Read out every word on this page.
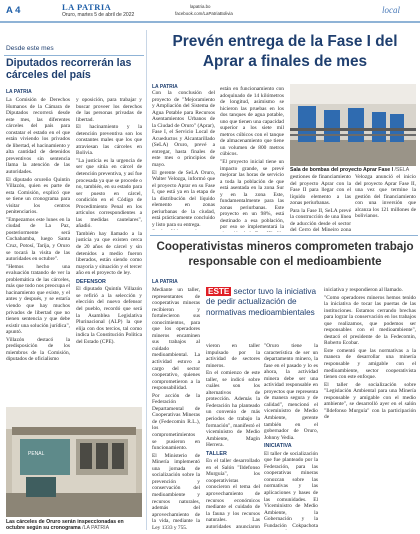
A 4	LA PATRIA
Oruro, martes 5 de abril de 2022
lapatria.bo
facebook.com/LaPatriaBolivia	local
Desde este mes
Diputados recorrerán las cárceles del país
LA PATRIA

La Comisión de Derechos Humanos de la Cámara de Diputados recorrerá desde este mes, las diferentes cárceles del país para constatar el estado en el que están viviendo los privados de libertad, el hacinamiento y alta cantidad de detenidos preventivos sin sentencia llama la atención de las autoridades.

El diputado orureño Quintín Villazón, quien es parte de esta Comisión, explicó que se tiene un cronograma para visitar los centros penitenciarios.

"Empezamos este lunes en la ciudad de La Paz, posteriormente será Cochabamba, luego Santa Cruz, Potosí, Tarija, y Oruro se tocará la visita de las autoridades en octubre".

"Hemos hecho una evaluación tratando de ver la problemática de las cárceles, más que todo nos preocupa el hacinamiento que existe, y el antes y después, y se estaría viendo que hay muchos privados de libertad que no tienen sentencia y que debe existir una solución jurídica", apuntó.

Villazón destacó la predisposición de los miembros de la Comisión, diputados de oficialismo

y oposición, para trabajar y buscar proveer los derechos de las personas privadas de libertad.

El hacinamiento y la detención preventiva son los constantes males que los que atraviesan las cárceles en Bolivia.

"La justicia es la urgencia de ser que sitúa en cárcel de detención preventiva, y así fue procesada ya que se procede o no, también, en su estado para ser puesto en cárcel, condición en el Código de Procedimiento Penal en los artículos correspondientes a las medidas cautelares", añadió.

También hay llamado a la justicia ya que existen cerca de 20 años de cárcel y sin detenidos a medio fueron liberados, están siendo como mayoría y situación y el tercer año en el proyecto de ley.

DEFENSOR

El diputado Quintín Villazón se refirió a la selección y elección del nuevo defensor del pueblo, recordó que será la Asamblea Legislativa Plurinacional (ALP) la que elija con dos tercios, tal como indica la Constitución Política del Estado (CPE).

PENAL
Las cárceles de Oruro serán inspeccionadas en octubre según su cronograma /LA PATRIA
Prevén entrega de la Fase I del Aprar a finales de mes
LA PATRIA

Con la conclusión del proyecto de "Mejoramiento y Ampliación del Sistema de Agua Potable para Recursos Asentamientos Urbanos de la Ciudad de Oruro" (Aprar), Fase I, el Servicio Local de Acueductos y Alcantarillado (SeLA) Oruro, prevé a entregar, hasta finales de este mes o principios de mayo.

El gerente de SeLA Oruro, Walter Velozga, informó que el proyecto Aprar en su Fase I, que está ya en la etapa de la distribución del líquido elemento en zonas periurbanas de la ciudad, está prácticamente concluido y listo para su entrega.

están en funcionamiento con adoquinado de 14 kilómetros de longitud, asimismo se hicieron las pruebas en los dos tanques de agua potable, uno que tienen una capacidad superior a los siete mil metros cúbicos con el tanque de almacenamiento que tiene un volumen de 800 metros cúbicos.

"El proyecto inicial tiene un impacto grande, se prevé mejorar las horas de servicio a toda la población de que está asentada en la zona Sur y en la zona Este, fundamentalmente para las zonas periurbanas. Este proyecto en un 98%, está destinado a esa población, por eso se implementará la

Sala de bombas del proyecto Aprar Fase I /SELA

gestiones de financiamiento del proyecto Aprar con la Fase II para llegar con el líquido elemento a las zonas periurbanas.

Para la Fase II, SeLA prevé la construcción de una línea de aducción desde el sector del Cerro del Mineiro zona

Velozga anunció el inicio del proyecto Aprar Fase II, una vez que termine la gestión del financiamiento con una inversión que alcanza los 121 millones de bolivianos.

Cooperativistas mineros comprometen trabajo responsable con el medioambiente
LA PATRIA

Mediante un taller, representantes de cooperativas mineras recibieron y fortalecieron sus conocimientos, para que los operadores mineros encaminen sus trabajos al cuidado medioambiental. La actividad estuvo a cargo del sector cooperativo, quienes comprometieron a la responsabilidad.

Por acción de la Federación Departamental de Cooperativas Mineras de (Fedecomin R.L.), los comprometimientos se pusieron en funcionamiento.

El Ministerio de Minería implementó una jornada de socialización sobre la prevención y conservación del medioambiente y recursos naturales, además del aprovechamiento de la vida, mediante la Ley 1333 y 755.

ESTE sector tuvo la iniciativa de pedir actualización de normativas medioambientales

vieron en taller impulsado por la actividad de sectores mineros.

En el comienzo de este taller, se indicó sobre cuáles son los alternativos de protección. Además la Federación ha planteado un convenio de más periodos de trabajo la formación", manifestó el viceministro de Medio Ambiente, Magín Herrera.

TALLER

En el taller desarrollado en el Salón "Ildefonso Murguía", los cooperativistas conocieron el tema del aprovechamiento de recursos económicos mediante el cuidado de la fauna y los recursos naturales. Las autoridades anunciaron

"Oruro tiene la característica de ser un departamento minero, la fase en el pasado y lo es ahora, la actividad minera debe ser una actividad responsable en proyectos que representa de manera segura y de calidad", mencionó el viceministro de Medio Ambiente, gerente también en el gobernador de Oruro, Johnny Vedia.

INICIATIVA

El taller de socialización que fue planteado por la Federación, para las cooperativas mineras conozcan sobre las normativas y las aplicaciones y bases de las comunidades. El Viceministro de Medio Ambiente, la Gobernación y la Fundación Cokpachota

iniciativa y respondieron al llamado.

"Como operadores mineros hemos tenido la iniciativa de tocar las puertas de las instituciones. Estamos cerrando brechas para lograr la conservación en los trabajos que realizamos, que podemos ser responsables con el medioambiente", destacó el presidente de la Fedecomin, Roberto Ecobar.

Este comentó que las normativas a la manera de desarrollar una minería responsable y amigable con el medioambiente, sector cooperativista tienen con este enfoque.

El taller de socialización sobre "Legislación Ambiental para una Minería responsable y amigable con el medio ambiente", se desarrolló ayer en el salón "Ildefonso Murguía" con la participación de
